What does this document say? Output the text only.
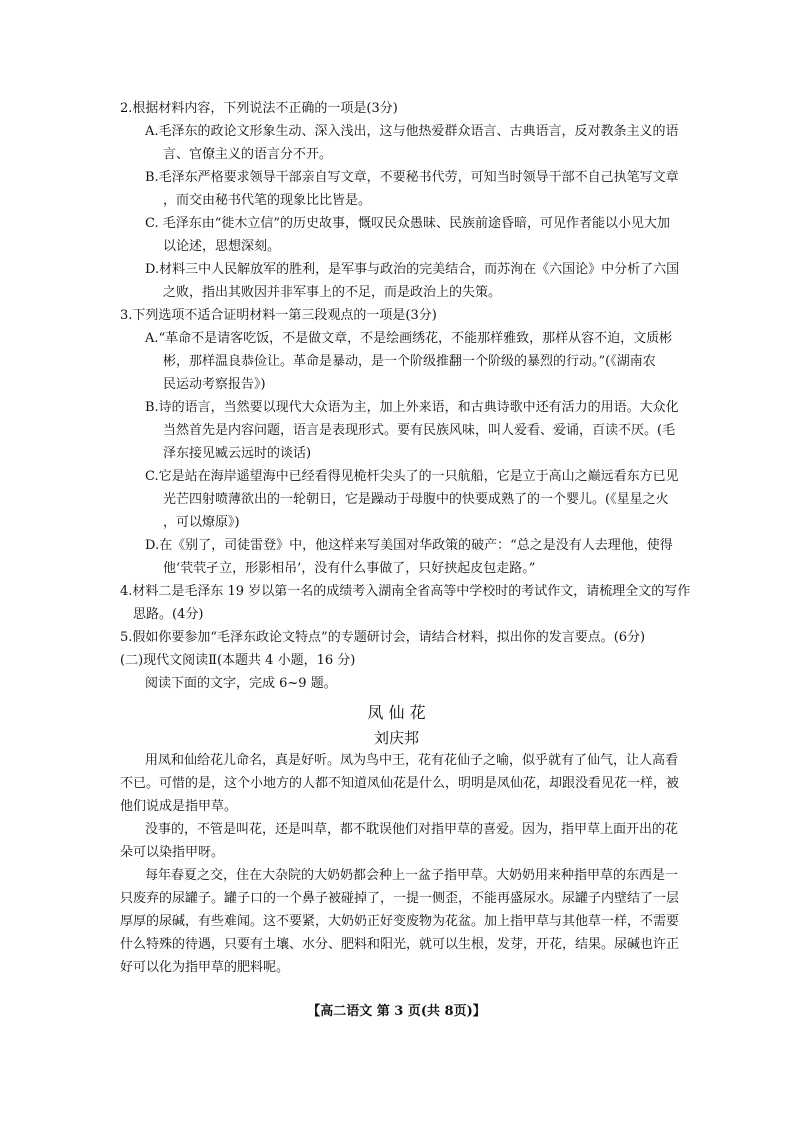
2.根据材料内容，下列说法不正确的一项是(3分)
A.毛泽东的政论文形象生动、深入浅出，这与他热爱群众语言、古典语言，反对教条主义的语
言、官僚主义的语言分不开。
B.毛泽东严格要求领导干部亲自写文章，不要秘书代劳，可知当时领导干部不自己执笔写文章
，而交由秘书代笔的现象比比皆是。
C. 毛泽东由“徙木立信”的历史故事，慨叹民众愚昧、民族前途昏暗，可见作者能以小见大加
以论述，思想深刻。
D.材料三中人民解放军的胜利，是军事与政治的完美结合，而苏洵在《六国论》中分析了六国
之败，指出其败因并非军事上的不足，而是政治上的失策。
3.下列选项不适合证明材料一第三段观点的一项是(3分)
A.“革命不是请客吃饭，不是做文章，不是绘画绣花，不能那样雅致，那样从容不迫，文质彬
彬，那样温良恭俭让。革命是暴动，是一个阶级推翻一个阶级的暴烈的行动。”(《湖南农
民运动考察报告》)
B.诗的语言，当然要以现代大众语为主，加上外来语，和古典诗歌中还有活力的用语。大众化
当然首先是内容问题，语言是表现形式。要有民族风味，叫人爱看、爱诵，百读不厌。(毛
泽东接见臧云远时的谈话)
C.它是站在海岸遥望海中已经看得见桅杆尖头了的一只航船，它是立于高山之巅远看东方已见
光芒四射喷薄欲出的一轮朝日，它是躁动于母腹中的快要成熟了的一个婴儿。(《星星之火
，可以燎原》)
D.在《别了，司徒雷登》中，他这样来写美国对华政策的破产：“总之是没有人去理他，使得
他‘茕茕孑立，形影相吊’，没有什么事做了，只好挟起皮包走路。”
4.材料二是毛泽东 19 岁以第一名的成绩考入湖南全省高等中学校时的考试作文，请梳理全文的写作
思路。(4分)
5.假如你要参加“毛泽东政论文特点”的专题研讨会，请结合材料，拟出你的发言要点。(6分)
(二)现代文阅读Ⅱ(本题共 4 小题，16 分)
阅读下面的文字，完成 6~9 题。
凤 仙 花
刘庆邦
用凤和仙给花儿命名，真是好听。凤为鸟中王，花有花仙子之喻，似乎就有了仙气，让人高看
不已。可惜的是，这个小地方的人都不知道凤仙花是什么，明明是凤仙花，却跟没看见花一样，被
他们说成是指甲草。
没事的，不管是叫花，还是叫草，都不耽误他们对指甲草的喜爱。因为，指甲草上面开出的花
朵可以染指甲呀。
每年春夏之交，住在大杂院的大奶奶都会种上一盆子指甲草。大奶奶用来种指甲草的东西是一
只废弃的尿罐子。罐子口的一个鼻子被碰掉了，一提一侧歪，不能再盛尿水。尿罐子内壁结了一层
厚厚的尿碱，有些难闻。这不要紧，大奶奶正好变废物为花盆。加上指甲草与其他草一样，不需要
什么特殊的待遇，只要有土壤、水分、肥料和阳光，就可以生根，发芽，开花，结果。尿碱也许正
好可以化为指甲草的肥料呢。
【高二语文 第 3 页(共 8页)】
